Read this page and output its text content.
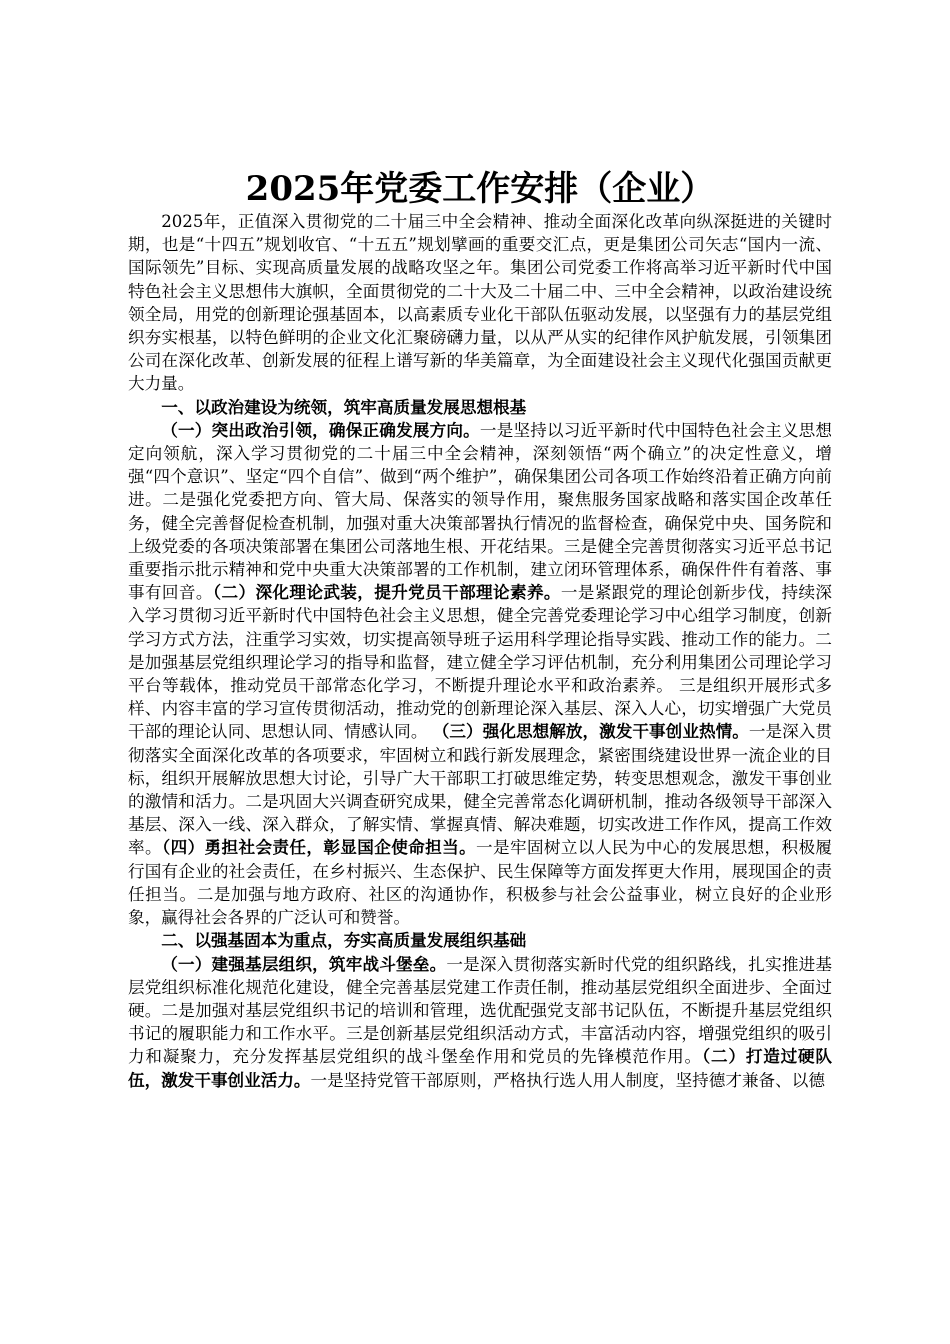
2025年党委工作安排（企业）

2025年，正值深入贯彻党的二十届三中全会精神、推动全面深化改革向纵深挺进的关键时期，也是“十四五”规划收官、“十五五”规划擘画的重要交汇点，更是集团公司矢志“国内一流、国际领先”目标、实现高质量发展的战略攻坚之年。集团公司党委工作将高举习近平新时代中国特色社会主义思想伟大旗帜，全面贯彻党的二十大及二十届二中、三中全会精神，以政治建设统领全局，用党的创新理论强基固本，以高素质专业化干部队伍驱动发展，以坚强有力的基层党组织夯实根基，以特色鲜明的企业文化汇聚磅礴力量，以从严从实的纪律作风护航发展，引领集团公司在深化改革、创新发展的征程上谱写新的华美篇章，为全面建设社会主义现代化强国贡献更大力量。

一、以政治建设为统领，筑牢高质量发展思想根基

（一）突出政治引领，确保正确发展方向。一是坚持以习近平新时代中国特色社会主义思想定向领航，深入学习贯彻党的二十届三中全会精神，深刻领悟“两个确立”的决定性意义，增强“四个意识”、坚定“四个自信”、做到“两个维护”，确保集团公司各项工作始终沿着正确方向前进。二是强化党委把方向、管大局、保落实的领导作用，聚焦服务国家战略和落实国企改革任务，健全完善督促检查机制，加强对重大决策部署执行情况的监督检查，确保党中央、国务院和上级党委的各项决策部署在集团公司落地生根、开花结果。三是健全完善贯彻落实习近平总书记重要指示批示精神和党中央重大决策部署的工作机制，建立闭环管理体系，确保件件有着落、事事有回音。（二）深化理论武装，提升党员干部理论素养。一是紧跟党的理论创新步伐，持续深入学习贯彻习近平新时代中国特色社会主义思想，健全完善党委理论学习中心组学习制度，创新学习方式方法，注重学习实效，切实提高领导班子运用科学理论指导实践、推动工作的能力。二是加强基层党组织理论学习的指导和监督，建立健全学习评估机制，充分利用集团公司理论学习平台等载体，推动党员干部常态化学习，不断提升理论水平和政治素养。 三是组织开展形式多样、内容丰富的学习宣传贯彻活动，推动党的创新理论深入基层、深入人心，切实增强广大党员干部的理论认同、思想认同、情感认同。 （三）强化思想解放，激发干事创业热情。一是深入贯彻落实全面深化改革的各项要求，牢固树立和践行新发展理念，紧密围绕建设世界一流企业的目标，组织开展解放思想大讨论，引导广大干部职工打破思维定势，转变思想观念，激发干事创业的激情和活力。二是巩固大兴调查研究成果，健全完善常态化调研机制，推动各级领导干部深入基层、深入一线、深入群众，了解实情、掌握真情、解决难题，切实改进工作作风，提高工作效率。（四）勇担社会责任，彰显国企使命担当。一是牢固树立以人民为中心的发展思想，积极履行国有企业的社会责任，在乡村振兴、生态保护、民生保障等方面发挥更大作用，展现国企的责任担当。二是加强与地方政府、社区的沟通协作，积极参与社会公益事业，树立良好的企业形象，赢得社会各界的广泛认可和赞誉。

二、以强基固本为重点，夯实高质量发展组织基础

（一）建强基层组织，筑牢战斗堡垒。一是深入贯彻落实新时代党的组织路线，扎实推进基层党组织标准化规范化建设，健全完善基层党建工作责任制，推动基层党组织全面进步、全面过硬。二是加强对基层党组织书记的培训和管理，选优配强党支部书记队伍，不断提升基层党组织书记的履职能力和工作水平。三是创新基层党组织活动方式，丰富活动内容，增强党组织的吸引力和凝聚力，充分发挥基层党组织的战斗堡垒作用和党员的先锋模范作用。（二）打造过硬队伍，激发干事创业活力。一是坚持党管干部原则，严格执行选人用人制度，坚持德才兼备、以德
